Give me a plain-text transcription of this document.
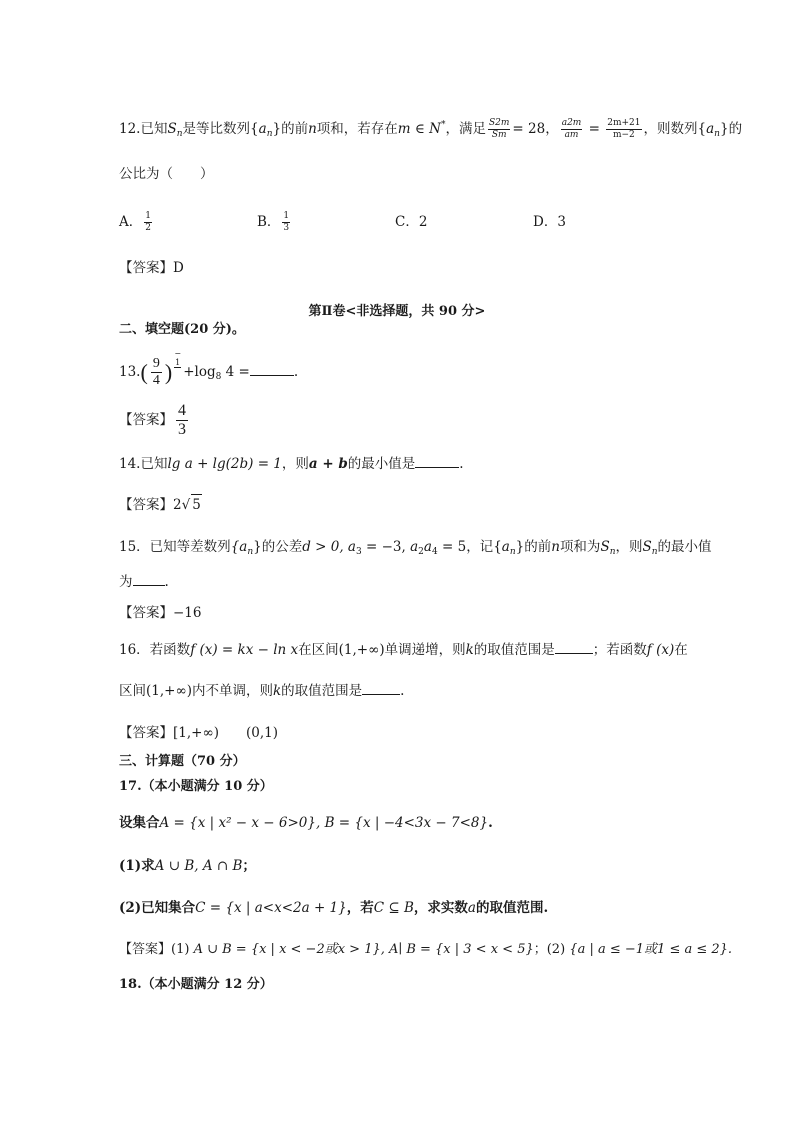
12.已知$S_n$是等比数列$\{a_n\}$的前n项和，若存在m ∈ N*，满足 $\frac{S2m}{Sm} = 28$， $\frac{a2m}{am} = \frac{2m+21}{m-2}$ ，则数列$\{a_n\}$的
公比为（　　）
A． $\frac{1}{2}$	B． $\frac{1}{3}$	C．2	D．3
【答案】D
第Ⅱ卷<非选择题，共 90 分>
二、填空题(20 分)。
$13.( \frac{9}{4}$ )−
1
$+\log_8$ 4 =	.
【答案】 $\frac{4}{3}$
14.已知lg a + lg(2b) = 1，则a + b的最小值是	.
【答案】2√ 5
15．已知等差数列$\{a_n\}$的公差d > 0, $a_3 = -3$, $a_2a_4 = 5$，记$\{a_n\}$的前n项和为$S_n$，则$S_n$的最小值
为 .
【答案】−16
16．若函数f (x) = kx − ln x在区间(1,+∞)单调递增，则k的取值范围是	；若函数f (x)在
区间(1,+∞)内不单调，则k的取值范围是	.
【答案】[1,+∞)　　 (0,1)
三、计算题（70 分）
17.（本小题满分 10 分）
设集合A = {x | x² − x − 6>0}, B = {x | −4<3x − 7<8}.
(1)求A ∪ B, A ∩ B；
(2)已知集合C = {x | a<x<2a + 1}，若C ⊆ B，求实数a的取值范围.
【答案】(1) A ∪ B = {x | x < −2或x > 1}, A∣ B = {x | 3 < x < 5}；(2) {a | a ≤ −1或1 ≤ a ≤ 2}.
18.（本小题满分 12 分）
